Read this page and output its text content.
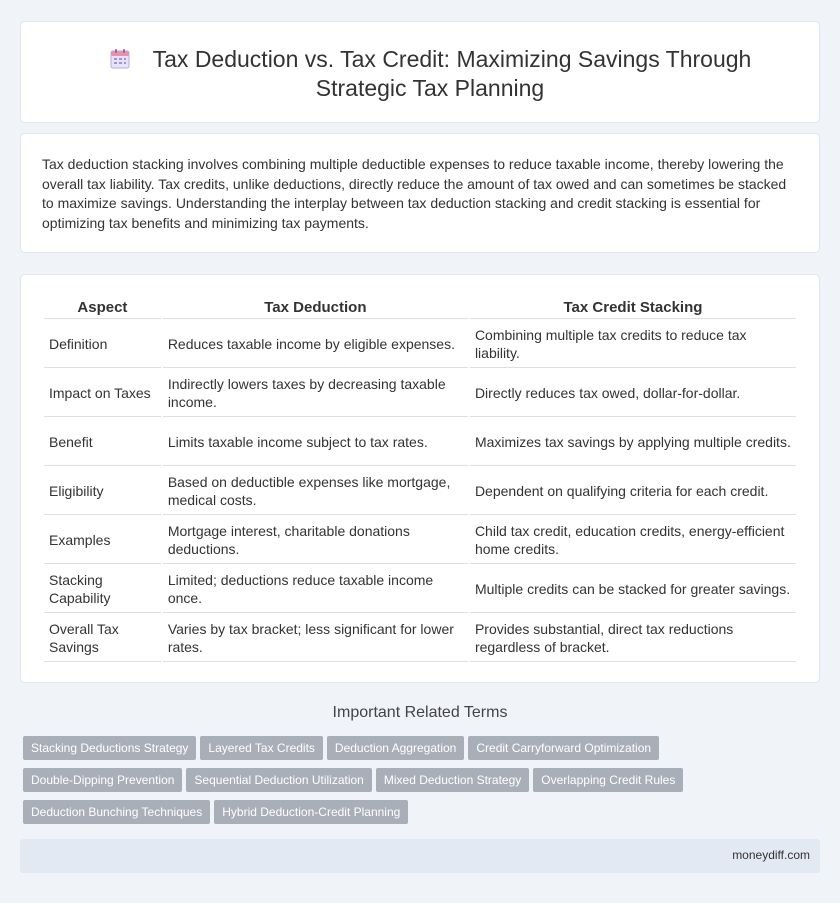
Tax Deduction vs. Tax Credit: Maximizing Savings Through Strategic Tax Planning

Tax deduction stacking involves combining multiple deductible expenses to reduce taxable income, thereby lowering the overall tax liability. Tax credits, unlike deductions, directly reduce the amount of tax owed and can sometimes be stacked to maximize savings. Understanding the interplay between tax deduction stacking and credit stacking is essential for optimizing tax benefits and minimizing tax payments.

Aspect	Tax Deduction	Tax Credit Stacking
Definition	Reduces taxable income by eligible expenses.	Combining multiple tax credits to reduce tax liability.
Impact on Taxes	Indirectly lowers taxes by decreasing taxable income.	Directly reduces tax owed, dollar-for-dollar.
Benefit	Limits taxable income subject to tax rates.	Maximizes tax savings by applying multiple credits.
Eligibility	Based on deductible expenses like mortgage, medical costs.	Dependent on qualifying criteria for each credit.
Examples	Mortgage interest, charitable donations deductions.	Child tax credit, education credits, energy-efficient home credits.
Stacking Capability	Limited; deductions reduce taxable income once.	Multiple credits can be stacked for greater savings.
Overall Tax Savings	Varies by tax bracket; less significant for lower rates.	Provides substantial, direct tax reductions regardless of bracket.
Important Related Terms
Stacking Deductions Strategy	Layered Tax Credits	Deduction Aggregation	Credit Carryforward Optimization
Double-Dipping Prevention	Sequential Deduction Utilization	Mixed Deduction Strategy	Overlapping Credit Rules
Deduction Bunching Techniques	Hybrid Deduction-Credit Planning
moneydiff.com
